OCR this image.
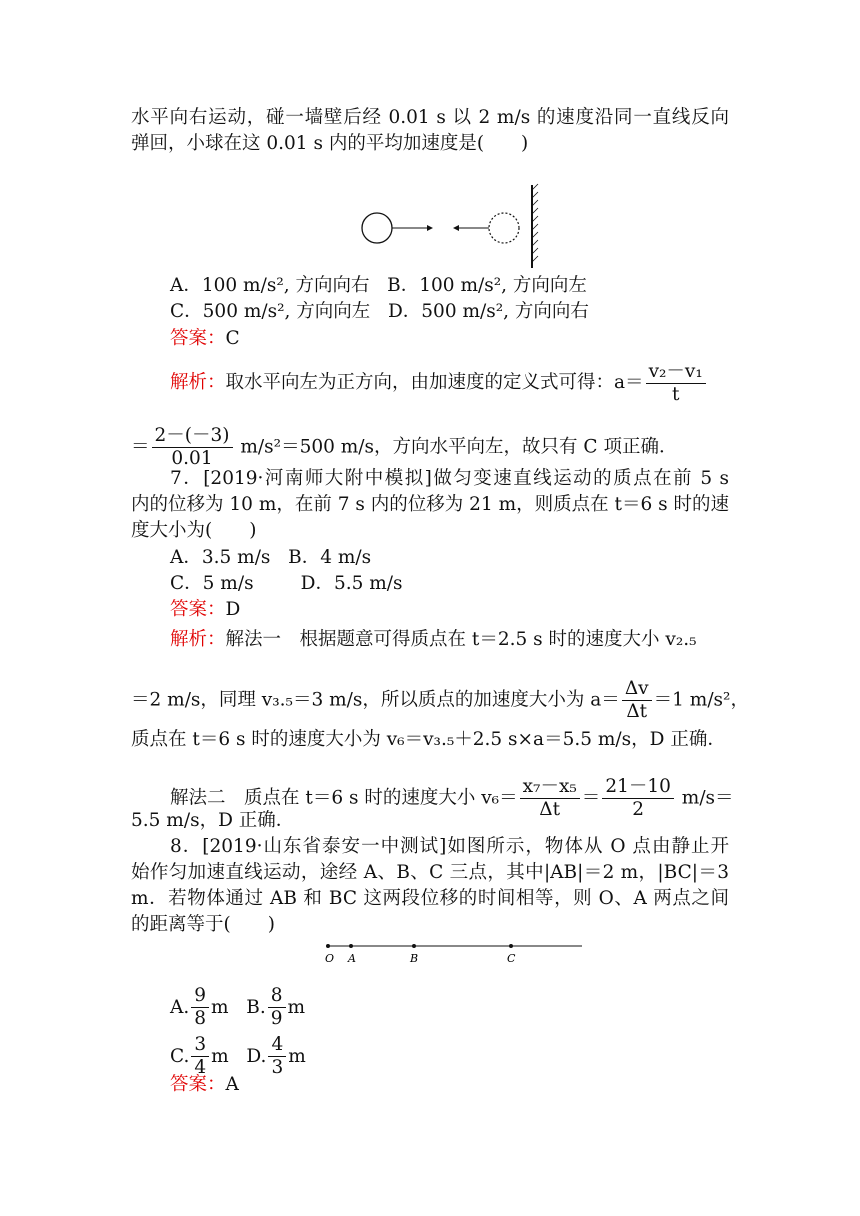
水平向右运动，碰一墙壁后经 0.01 s 以 2 m/s 的速度沿同一直线反向
弹回，小球在这 0.01 s 内的平均加速度是(　　)
A．100 m/s², 方向向右 B．100 m/s², 方向向左
C．500 m/s², 方向向左 D．500 m/s², 方向向右
答案：C
解析：取水平向左为正方向，由加速度的定义式可得：$a= \frac{\text{v₂－v₁}}{t}$
＝ $\frac{2-(-3)}{0.01} m/s^2=500$ m/s，方向水平向左，故只有 C 项正确．
7．[2019·河南师大附中模拟]做匀变速直线运动的质点在前 5 s
内的位移为 10 m，在前 7 s 内的位移为 21 m，则质点在 t＝6 s 时的速
度大小为(　　)
A．3.5 m/s B．4 m/s
C．5 m/s	D．5.5 m/s
答案：D
解析：解法一　根据题意可得质点在 t＝2.5 s 时的速度大小 v₂.₅
＝2 m/s，同理 v₃.₅＝3 m/s，所以质点的加速度大小为 $a= \frac{\Delta v}{\Delta t} =1$ m/s²，
质点在 t＝6 s 时的速度大小为 v₆＝v₃.₅＋2.5 s×a＝5.5 m/s，D 正确．
解法二　质点在 t＝6 s 时的速度大小 $v_6= \frac{\text{x₇－x₅}}{\Delta t} = \frac{21-10}{2} m/s=$
5.5 m/s，D 正确．
8．[2019·山东省泰安一中测试]如图所示，物体从 O 点由静止开
始作匀加速直线运动，途经 A、B、C 三点，其中|AB|＝2 m，|BC|＝3
m．若物体通过 AB 和 BC 这两段位移的时间相等，则 O、A 两点之间
的距离等于(　　)
O A	B	C
A. $\frac{9}{8}$ m B. $\frac{8}{9}$ m
C. $\frac{3}{4}$ m D. $\frac{4}{3}$ m
答案：A
